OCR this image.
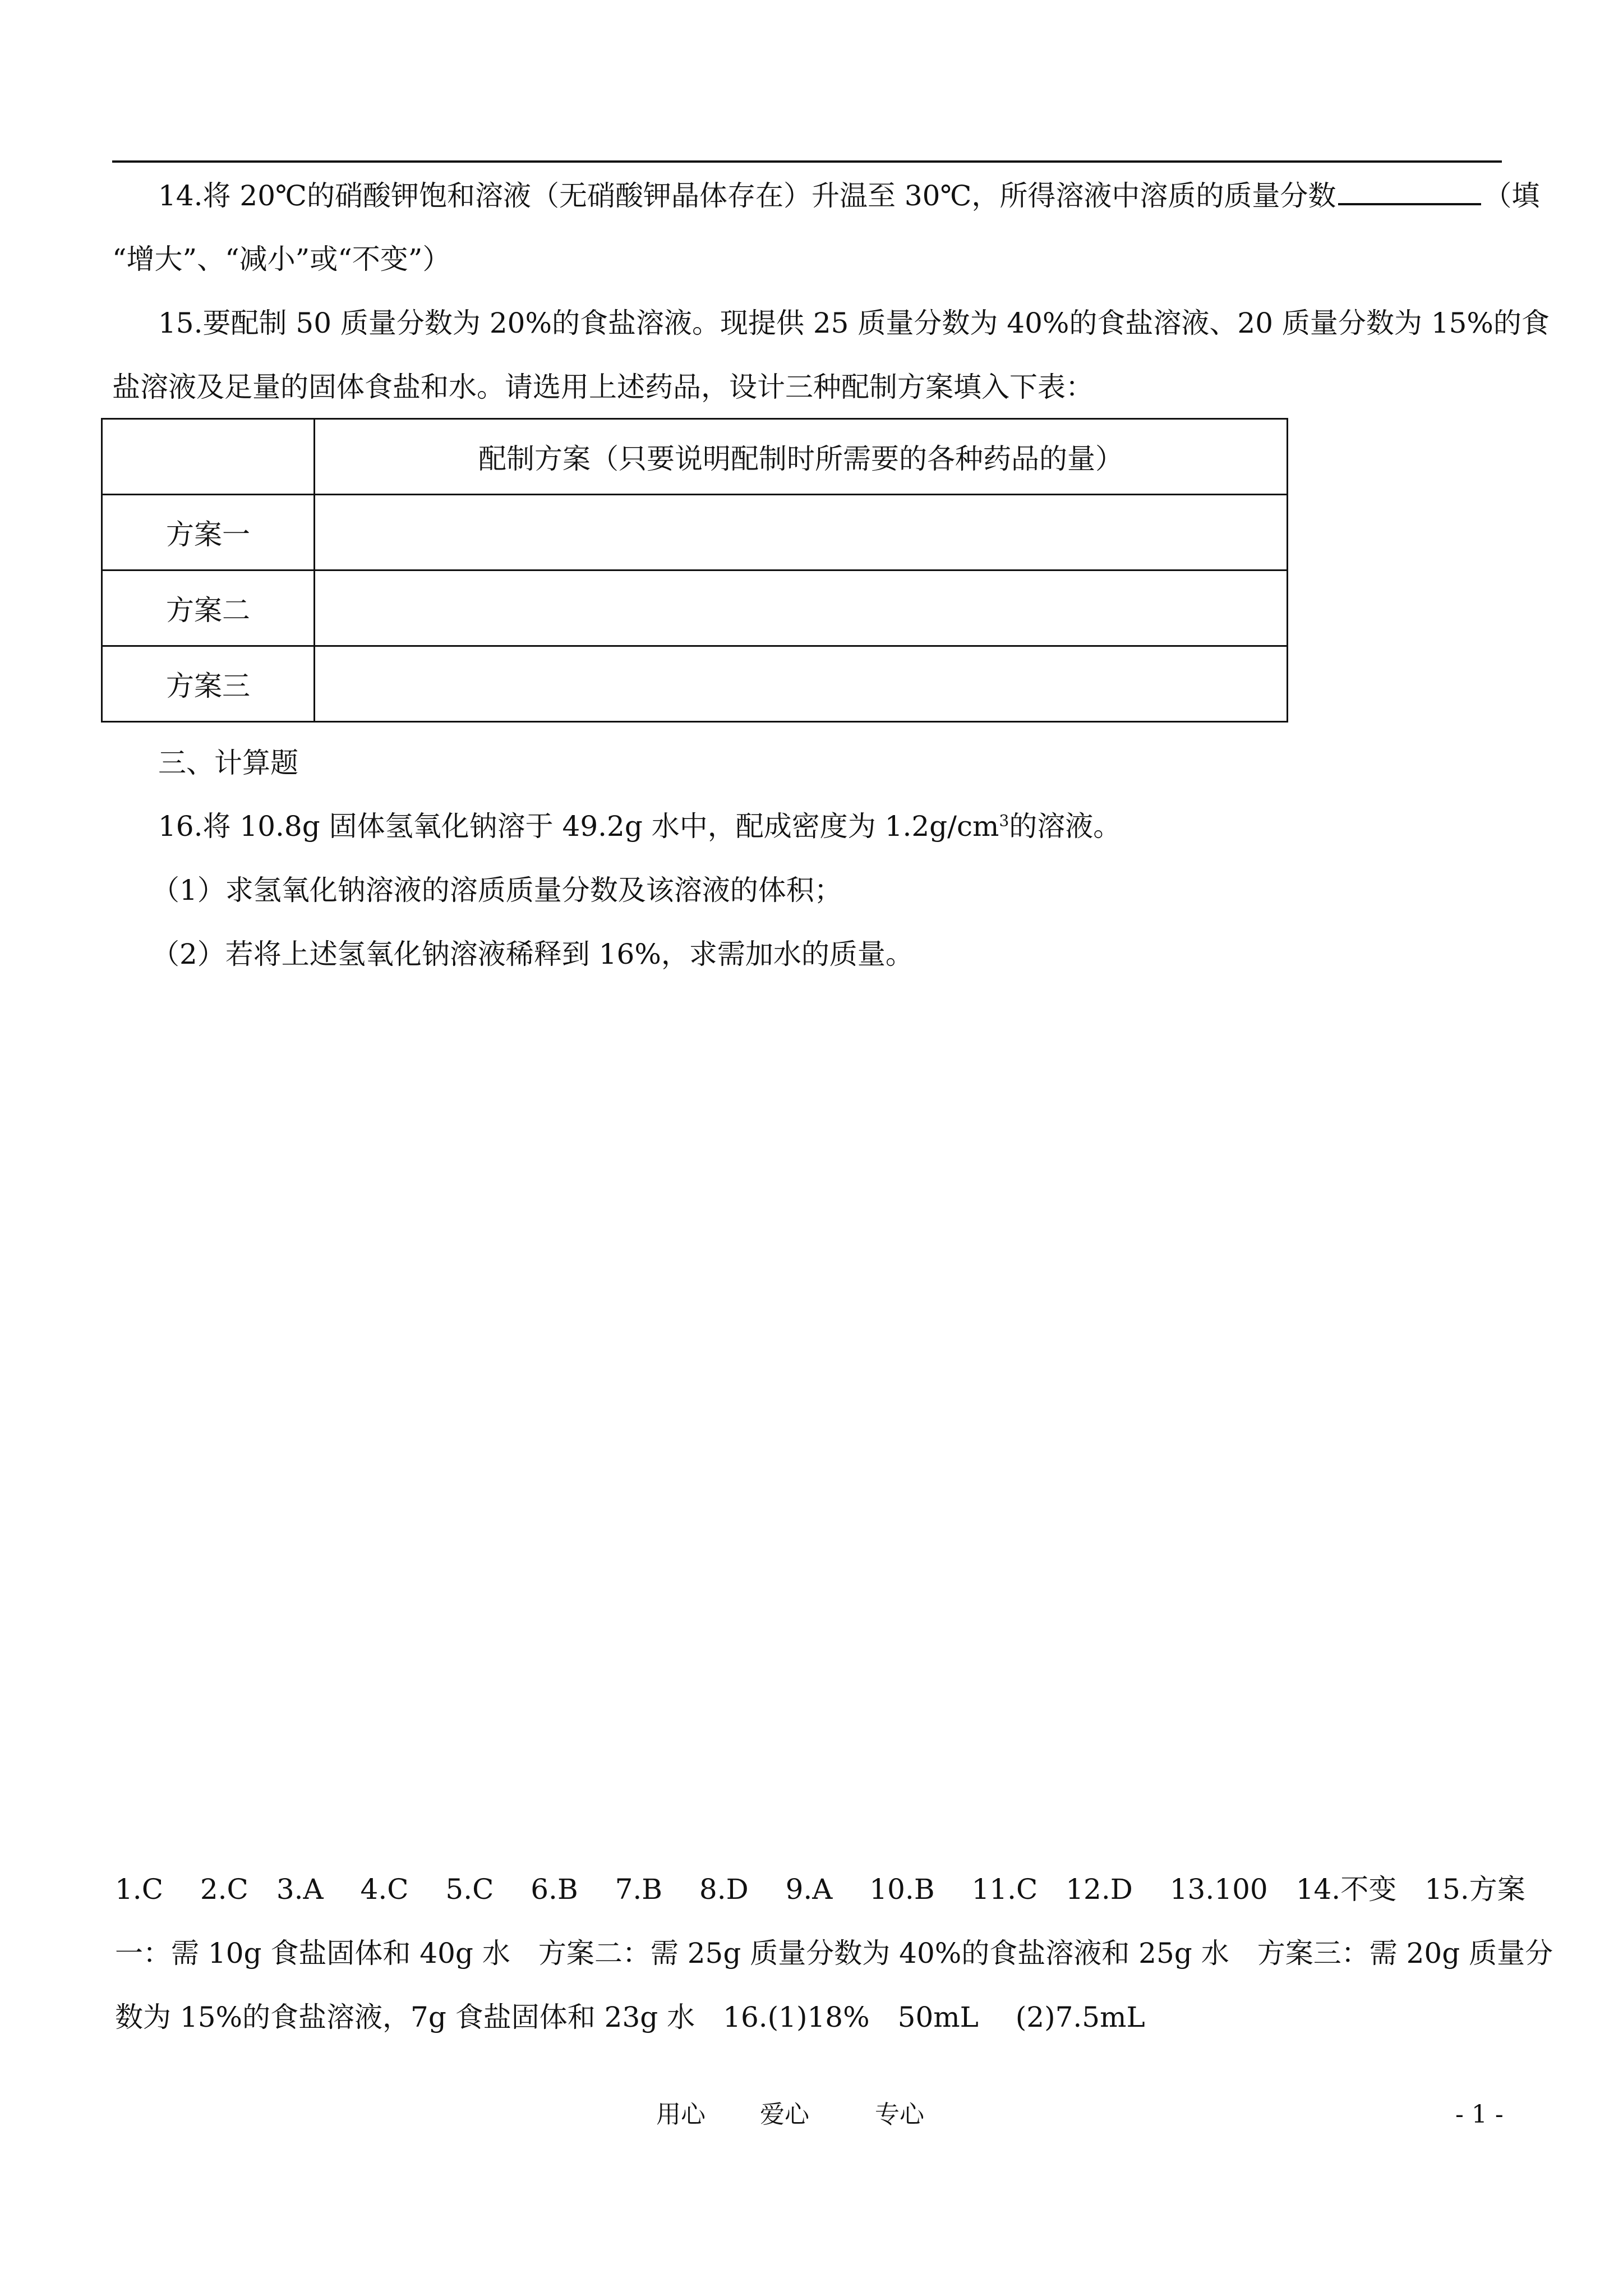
14.将 20℃的硝酸钾饱和溶液（无硝酸钾晶体存在）升温至 30℃，所得溶液中溶质的质量分数	（填
“增大”、“减小”或“不变”）
15.要配制 50 质量分数为 20%的食盐溶液。现提供 25 质量分数为 40%的食盐溶液、20 质量分数为 15%的食
盐溶液及足量的固体食盐和水。请选用上述药品，设计三种配制方案填入下表：
	配制方案（只要说明配制时所需要的各种药品的量）
方案一	
方案二	
方案三	
三、计算题
16.将 10.8g 固体氢氧化钠溶于 49.2g 水中，配成密度为 $1.2g/cm^3$的溶液。
（1）求氢氧化钠溶液的溶质质量分数及该溶液的体积；
（2）若将上述氢氧化钠溶液稀释到 16%，求需加水的质量。
1.C　 2.C　3.A　 4.C　 5.C　 6.B　 7.B　 8.D　 9.A　 10.B　 11.C　12.D　 13.100　14.不变　15.方案
一：需 10g 食盐固体和 40g 水　方案二：需 25g 质量分数为 40%的食盐溶液和 25g 水　方案三：需 20g 质量分
数为 15%的食盐溶液，7g 食盐固体和 23g 水　16.(1)18%　50mL　 (2)7.5mL
用心 爱心	专心	- 1 -
